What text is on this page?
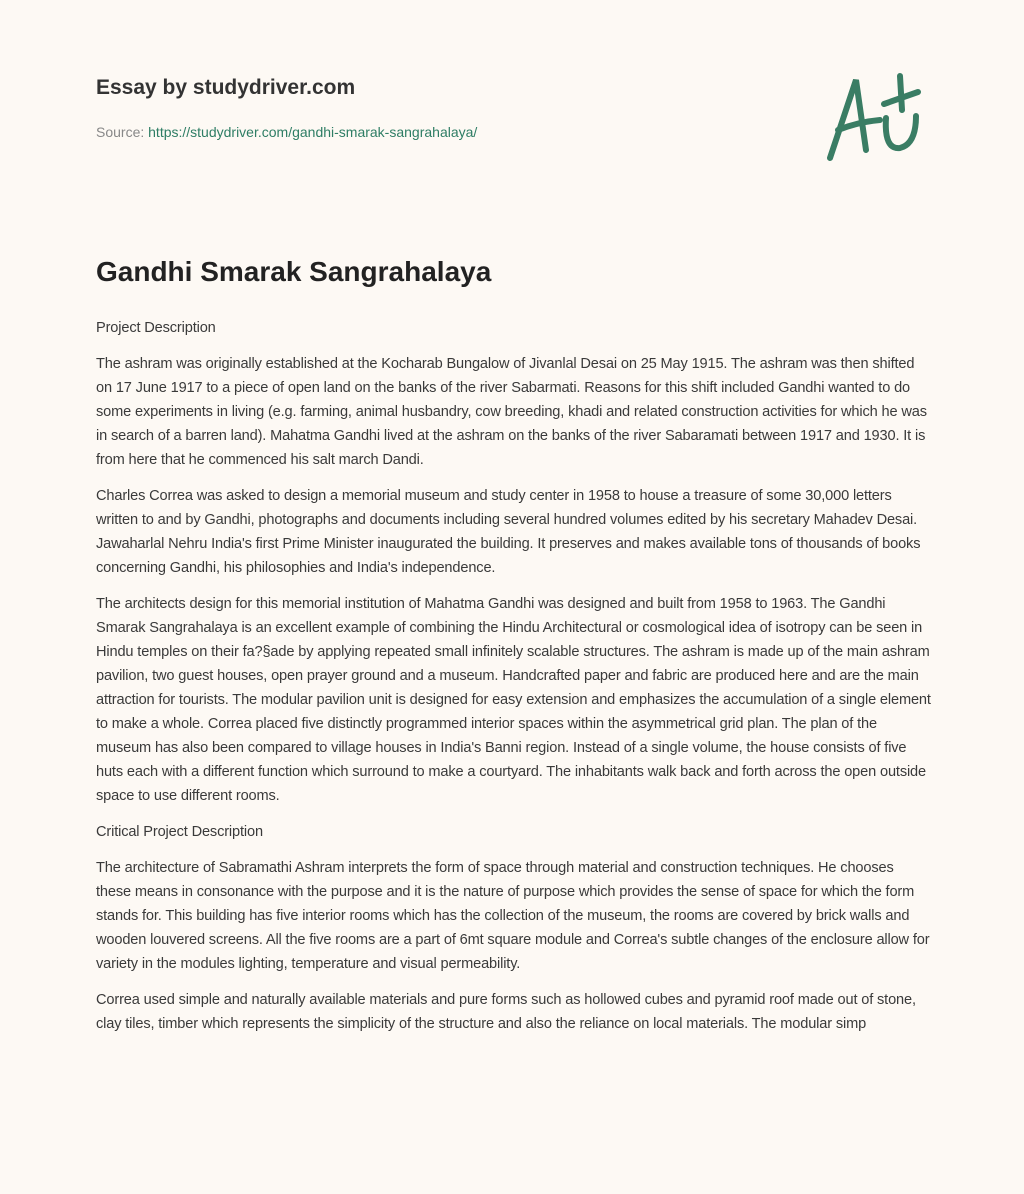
Essay by studydriver.com
Source: https://studydriver.com/gandhi-smarak-sangrahalaya/
Gandhi Smarak Sangrahalaya

Project Description

The ashram was originally established at the Kocharab Bungalow of Jivanlal Desai on 25 May 1915. The ashram was then shifted on 17 June 1917 to a piece of open land on the banks of the river Sabarmati. Reasons for this shift included Gandhi wanted to do some experiments in living (e.g. farming, animal husbandry, cow breeding, khadi and related construction activities for which he was in search of a barren land). Mahatma Gandhi lived at the ashram on the banks of the river Sabaramati between 1917 and 1930. It is from here that he commenced his salt march Dandi.

Charles Correa was asked to design a memorial museum and study center in 1958 to house a treasure of some 30,000 letters written to and by Gandhi, photographs and documents including several hundred volumes edited by his secretary Mahadev Desai. Jawaharlal Nehru India's first Prime Minister inaugurated the building. It preserves and makes available tons of thousands of books concerning Gandhi, his philosophies and India's independence.

The architects design for this memorial institution of Mahatma Gandhi was designed and built from 1958 to 1963. The Gandhi Smarak Sangrahalaya is an excellent example of combining the Hindu Architectural or cosmological idea of isotropy can be seen in Hindu temples on their fa?§ade by applying repeated small infinitely scalable structures. The ashram is made up of the main ashram pavilion, two guest houses, open prayer ground and a museum. Handcrafted paper and fabric are produced here and are the main attraction for tourists. The modular pavilion unit is designed for easy extension and emphasizes the accumulation of a single element to make a whole. Correa placed five distinctly programmed interior spaces within the asymmetrical grid plan. The plan of the museum has also been compared to village houses in India's Banni region. Instead of a single volume, the house consists of five huts each with a different function which surround to make a courtyard. The inhabitants walk back and forth across the open outside space to use different rooms.

Critical Project Description

The architecture of Sabramathi Ashram interprets the form of space through material and construction techniques. He chooses these means in consonance with the purpose and it is the nature of purpose which provides the sense of space for which the form stands for. This building has five interior rooms which has the collection of the museum, the rooms are covered by brick walls and wooden louvered screens. All the five rooms are a part of 6mt square module and Correa's subtle changes of the enclosure allow for variety in the modules lighting, temperature and visual permeability.

Correa used simple and naturally available materials and pure forms such as hollowed cubes and pyramid roof made out of stone, clay tiles, timber which represents the simplicity of the structure and also the reliance on local materials. The modular simp
